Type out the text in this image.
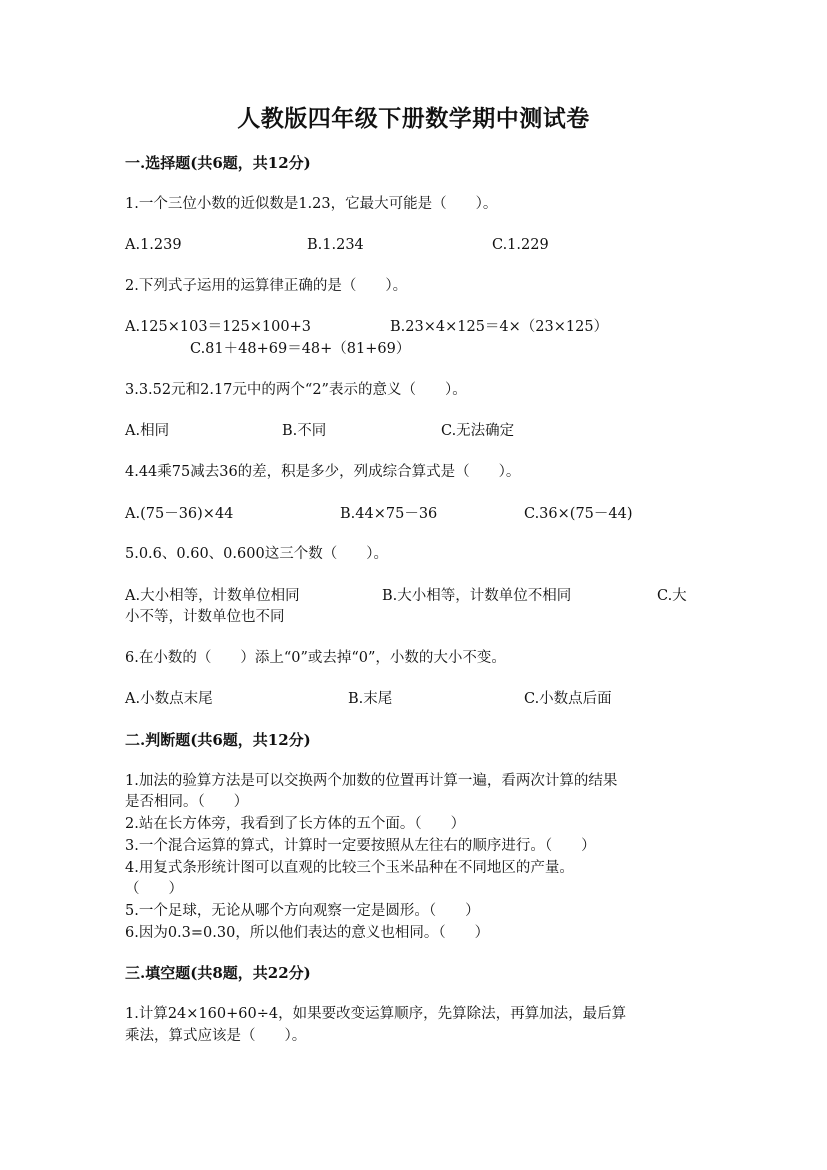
人教版四年级下册数学期中测试卷
一.选择题(共6题，共12分)
1.一个三位小数的近似数是1.23，它最大可能是（　　）。
A.1.239	B.1.234	C.1.229
2.下列式子运用的运算律正确的是（　　）。
A.125×103＝125×100+3	B.23×4×125＝4×（23×125）
C.81＋48+69＝48+（81+69）
3.3.52元和2.17元中的两个“2”表示的意义（　　）。
A.相同	B.不同	C.无法确定
4.44乘75减去36的差，积是多少，列成综合算式是（　　）。
A.(75－36)×44	B.44×75－36	C.36×(75－44)
5.0.6、0.60、0.600这三个数（　　）。
A.大小相等，计数单位相同	B.大小相等，计数单位不相同	C.大
小不等，计数单位也不同
6.在小数的（　　）添上“0”或去掉“0”，小数的大小不变。
A.小数点末尾	B.末尾	C.小数点后面
二.判断题(共6题，共12分)
1.加法的验算方法是可以交换两个加数的位置再计算一遍，看两次计算的结果
是否相同。（　　）
2.站在长方体旁，我看到了长方体的五个面。（　　）
3.一个混合运算的算式，计算时一定要按照从左往右的顺序进行。（　　）
4.用复式条形统计图可以直观的比较三个玉米品种在不同地区的产量。
（　　）
5.一个足球，无论从哪个方向观察一定是圆形。（　　）
6.因为0.3=0.30，所以他们表达的意义也相同。（　　）
三.填空题(共8题，共22分)
1.计算24×160+60÷4，如果要改变运算顺序，先算除法，再算加法，最后算
乘法，算式应该是（　　）。
